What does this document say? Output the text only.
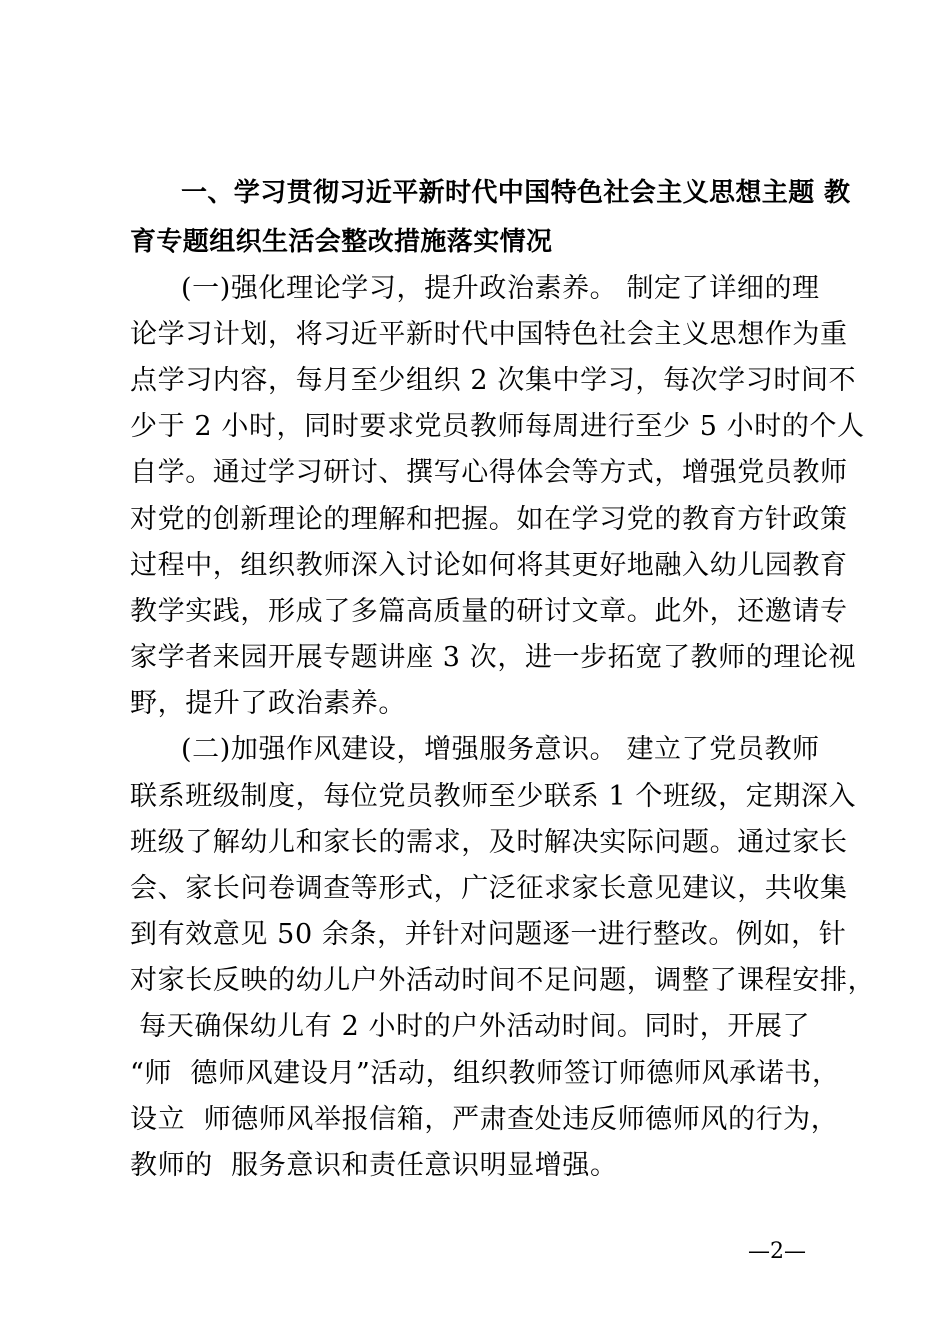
一、学习贯彻习近平新时代中国特色社会主义思想主题 教
育专题组织生活会整改措施落实情况
(一)强化理论学习，提升政治素养。 制定了详细的理
论学习计划，将习近平新时代中国特色社会主义思想作为重
点学习内容，每月至少组织 2 次集中学习，每次学习时间不
少于 2 小时，同时要求党员教师每周进行至少 5 小时的个人
自学。通过学习研讨、撰写心得体会等方式，增强党员教师
对党的创新理论的理解和把握。如在学习党的教育方针政策
过程中，组织教师深入讨论如何将其更好地融入幼儿园教育
教学实践，形成了多篇高质量的研讨文章。此外，还邀请专
家学者来园开展专题讲座 3 次，进一步拓宽了教师的理论视
野，提升了政治素养。
(二)加强作风建设，增强服务意识。 建立了党员教师
联系班级制度，每位党员教师至少联系 1 个班级，定期深入
班级了解幼儿和家长的需求，及时解决实际问题。通过家长
会、家长问卷调查等形式，广泛征求家长意见建议，共收集
到有效意见 50 余条，并针对问题逐一进行整改。例如，针
对家长反映的幼儿户外活动时间不足问题，调整了课程安排，
每天确保幼儿有 2 小时的户外活动时间。同时，开展了
“师  德师风建设月”活动，组织教师签订师德师风承诺书，
设立  师德师风举报信箱，严肃查处违反师德师风的行为，
教师的  服务意识和责任意识明显增强。
—2—
